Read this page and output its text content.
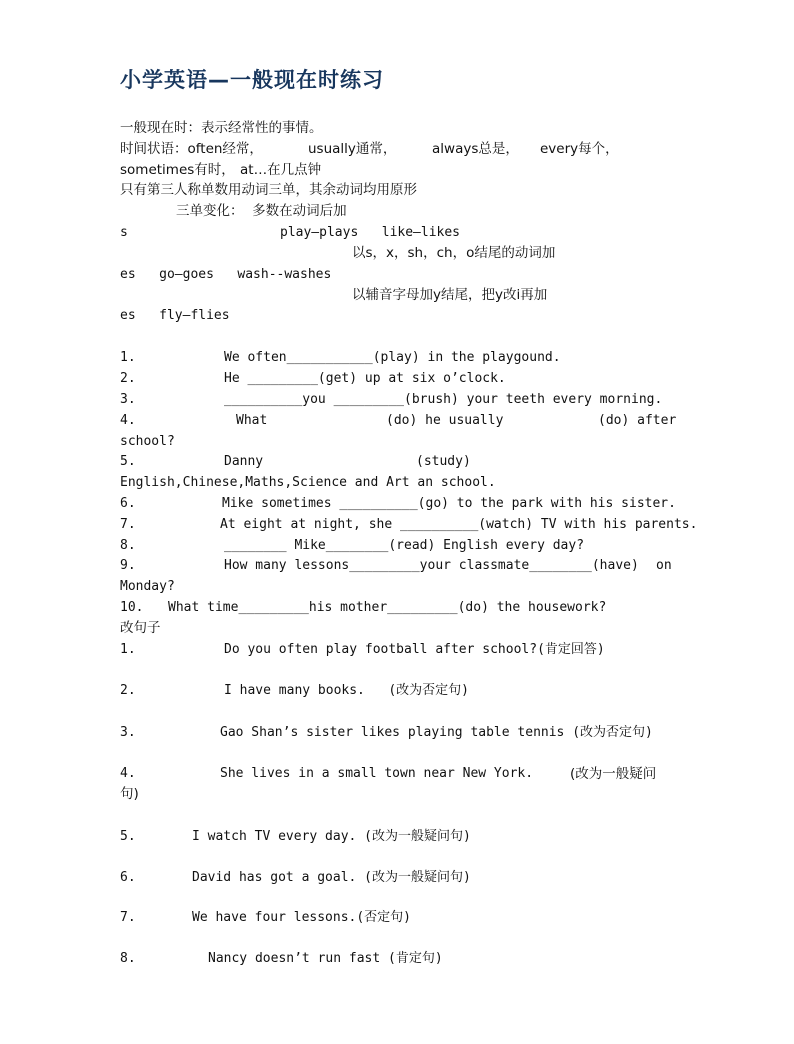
小学英语—一般现在时练习
一般现在时：表示经常性的事情。
时间状语：often经常，	usually通常，	always总是， every每个，
sometimes有时， at…在几点钟
只有第三人称单数用动词三单，其余动词均用原形
三单变化：  多数在动词后加
s	play—plays   like—likes
以s，x，sh，ch，o结尾的动词加
es   go—goes   wash--washes
以辅音字母加y结尾，把y改i再加
es   fly—flies
1.	We often___________(play) in the playgound.
2.	He _________(get) up at six o’clock.
3.	__________you _________(brush) your teeth every morning.
4.	What	(do) he usually	(do) after
school?
5.	Danny	(study)
English,Chinese,Maths,Science and Art an school.
6.	Mike sometimes __________(go) to the park with his sister.
7.	At eight at night, she __________(watch) TV with his parents.
8.	________ Mike________(read) English every day?
9.	How many lessons_________your classmate________(have) on
Monday?
10. What time_________his mother_________(do) the housework?
改句子
1.	Do you often play football after school?(肯定回答)
2.	I have many books.   (改为否定句)
3.	Gao Shan’s sister likes playing table tennis (改为否定句)
4.	She lives in a small town near New York.	(改为一般疑问
句)
5.	I watch TV every day. (改为一般疑问句)
6.	David has got a goal. (改为一般疑问句)
7.	We have four lessons.(否定句)
8.	Nancy doesn’t run fast (肯定句)
